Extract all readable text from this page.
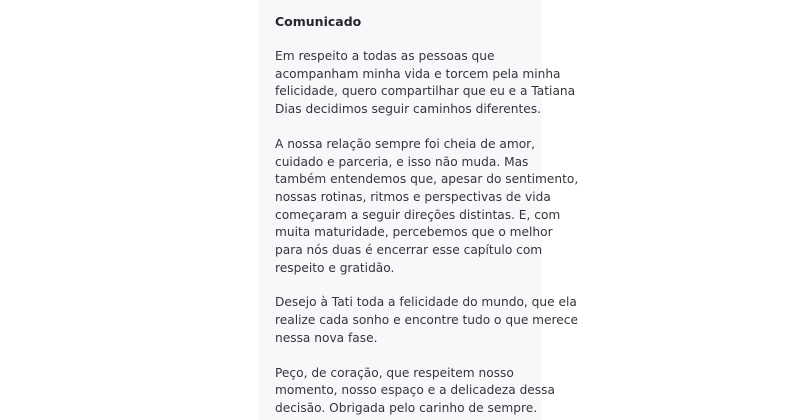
Comunicado
Em respeito a todas as pessoas que
acompanham minha vida e torcem pela minha
felicidade, quero compartilhar que eu e a Tatiana
Dias decidimos seguir caminhos diferentes.
A nossa relação sempre foi cheia de amor,
cuidado e parceria, e isso não muda. Mas
também entendemos que, apesar do sentimento,
nossas rotinas, ritmos e perspectivas de vida
começaram a seguir direções distintas. E, com
muita maturidade, percebemos que o melhor
para nós duas é encerrar esse capítulo com
respeito e gratidão.
Desejo à Tati toda a felicidade do mundo, que ela
realize cada sonho e encontre tudo o que merece
nessa nova fase.
Peço, de coração, que respeitem nosso
momento, nosso espaço e a delicadeza dessa
decisão. Obrigada pelo carinho de sempre.
